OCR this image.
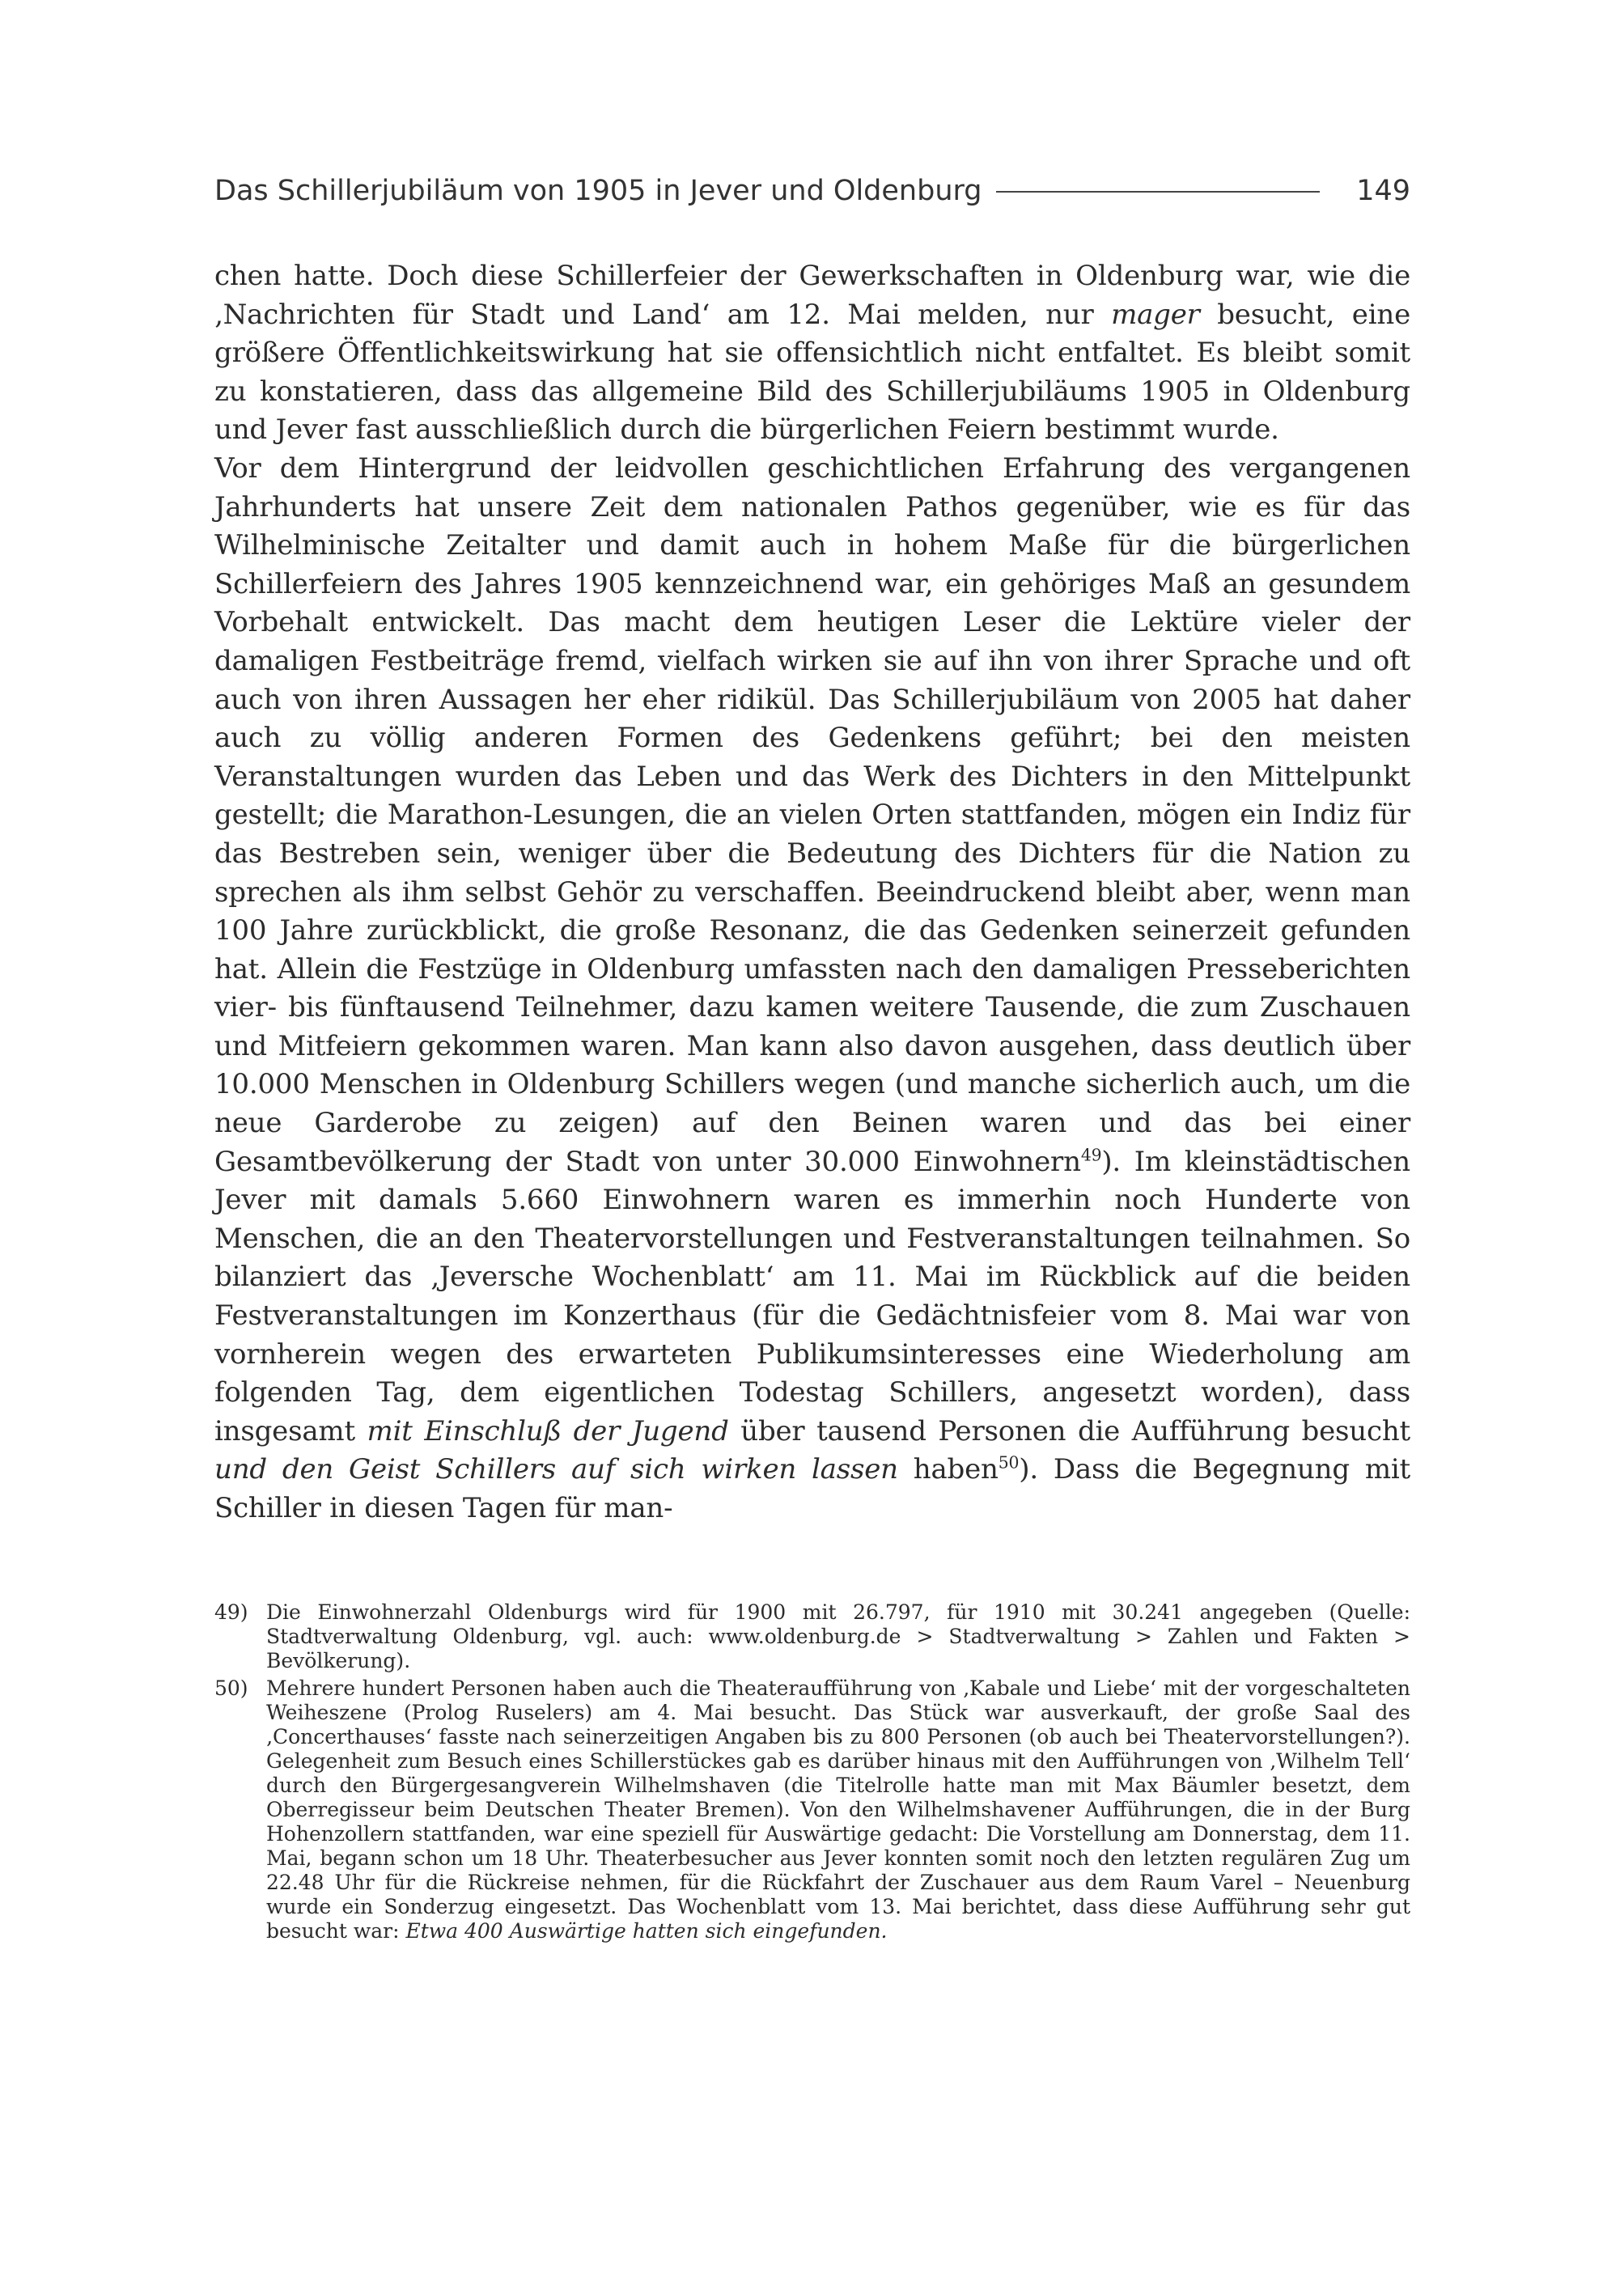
Das Schillerjubiläum von 1905 in Jever und Oldenburg	149

chen hatte. Doch diese Schillerfeier der Gewerkschaften in Oldenburg war, wie die ‚Nachrichten für Stadt und Land‘ am 12. Mai melden, nur mager besucht, eine größere Öffentlichkeitswirkung hat sie offensichtlich nicht entfaltet. Es bleibt somit zu konstatieren, dass das allgemeine Bild des Schillerjubiläums 1905 in Oldenburg und Jever fast ausschließlich durch die bürgerlichen Feiern bestimmt wurde.

Vor dem Hintergrund der leidvollen geschichtlichen Erfahrung des vergangenen Jahrhunderts hat unsere Zeit dem nationalen Pathos gegenüber, wie es für das Wilhelminische Zeitalter und damit auch in hohem Maße für die bürgerlichen Schillerfeiern des Jahres 1905 kennzeichnend war, ein gehöriges Maß an gesundem Vorbehalt entwickelt. Das macht dem heutigen Leser die Lektüre vieler der damaligen Festbeiträge fremd, vielfach wirken sie auf ihn von ihrer Sprache und oft auch von ihren Aussagen her eher ridikül. Das Schillerjubiläum von 2005 hat daher auch zu völlig anderen Formen des Gedenkens geführt; bei den meisten Veranstaltungen wurden das Leben und das Werk des Dichters in den Mittelpunkt gestellt; die Marathon-Lesungen, die an vielen Orten stattfanden, mögen ein Indiz für das Bestreben sein, weniger über die Bedeutung des Dichters für die Nation zu sprechen als ihm selbst Gehör zu verschaffen. Beeindruckend bleibt aber, wenn man 100 Jahre zurückblickt, die große Resonanz, die das Gedenken seinerzeit gefunden hat. Allein die Festzüge in Oldenburg umfassten nach den damaligen Presseberichten vier- bis fünftausend Teilnehmer, dazu kamen weitere Tausende, die zum Zuschauen und Mitfeiern gekommen waren. Man kann also davon ausgehen, dass deutlich über 10.000 Menschen in Oldenburg Schillers wegen (und manche sicherlich auch, um die neue Garderobe zu zeigen) auf den Beinen waren und das bei einer Gesamtbevölkerung der Stadt von unter 30.000 Einwohnern$^{49}$). Im kleinstädtischen Jever mit damals 5.660 Einwohnern waren es immerhin noch Hunderte von Menschen, die an den Theatervorstellungen und Festveranstaltungen teilnahmen. So bilanziert das ‚Jeversche Wochenblatt‘ am 11. Mai im Rückblick auf die beiden Festveranstaltungen im Konzerthaus (für die Gedächtnisfeier vom 8. Mai war von vornherein wegen des erwarteten Publikumsinteresses eine Wiederholung am folgenden Tag, dem eigentlichen Todestag Schillers, angesetzt worden), dass insgesamt mit Einschluß der Jugend über tausend Personen die Aufführung besucht und den Geist Schillers auf sich wirken lassen haben$^{50}$). Dass die Begegnung mit Schiller in diesen Tagen für man-

49) Die Einwohnerzahl Oldenburgs wird für 1900 mit 26.797, für 1910 mit 30.241 angegeben (Quelle: Stadtverwaltung Oldenburg, vgl. auch: www.oldenburg.de > Stadtverwaltung > Zahlen und Fakten > Bevölkerung).
50) Mehrere hundert Personen haben auch die Theateraufführung von ‚Kabale und Liebe‘ mit der vorgeschalteten Weiheszene (Prolog Ruselers) am 4. Mai besucht. Das Stück war ausverkauft, der große Saal des ‚Concerthauses‘ fasste nach seinerzeitigen Angaben bis zu 800 Personen (ob auch bei Theatervorstellungen?). Gelegenheit zum Besuch eines Schillerstückes gab es darüber hinaus mit den Aufführungen von ‚Wilhelm Tell‘ durch den Bürgergesangverein Wilhelmshaven (die Titelrolle hatte man mit Max Bäumler besetzt, dem Oberregisseur beim Deutschen Theater Bremen). Von den Wilhelmshavener Aufführungen, die in der Burg Hohenzollern stattfanden, war eine speziell für Auswärtige gedacht: Die Vorstellung am Donnerstag, dem 11. Mai, begann schon um 18 Uhr. Theaterbesucher aus Jever konnten somit noch den letzten regulären Zug um 22.48 Uhr für die Rückreise nehmen, für die Rückfahrt der Zuschauer aus dem Raum Varel – Neuenburg wurde ein Sonderzug eingesetzt. Das Wochenblatt vom 13. Mai berichtet, dass diese Aufführung sehr gut besucht war: Etwa 400 Auswärtige hatten sich eingefunden.
